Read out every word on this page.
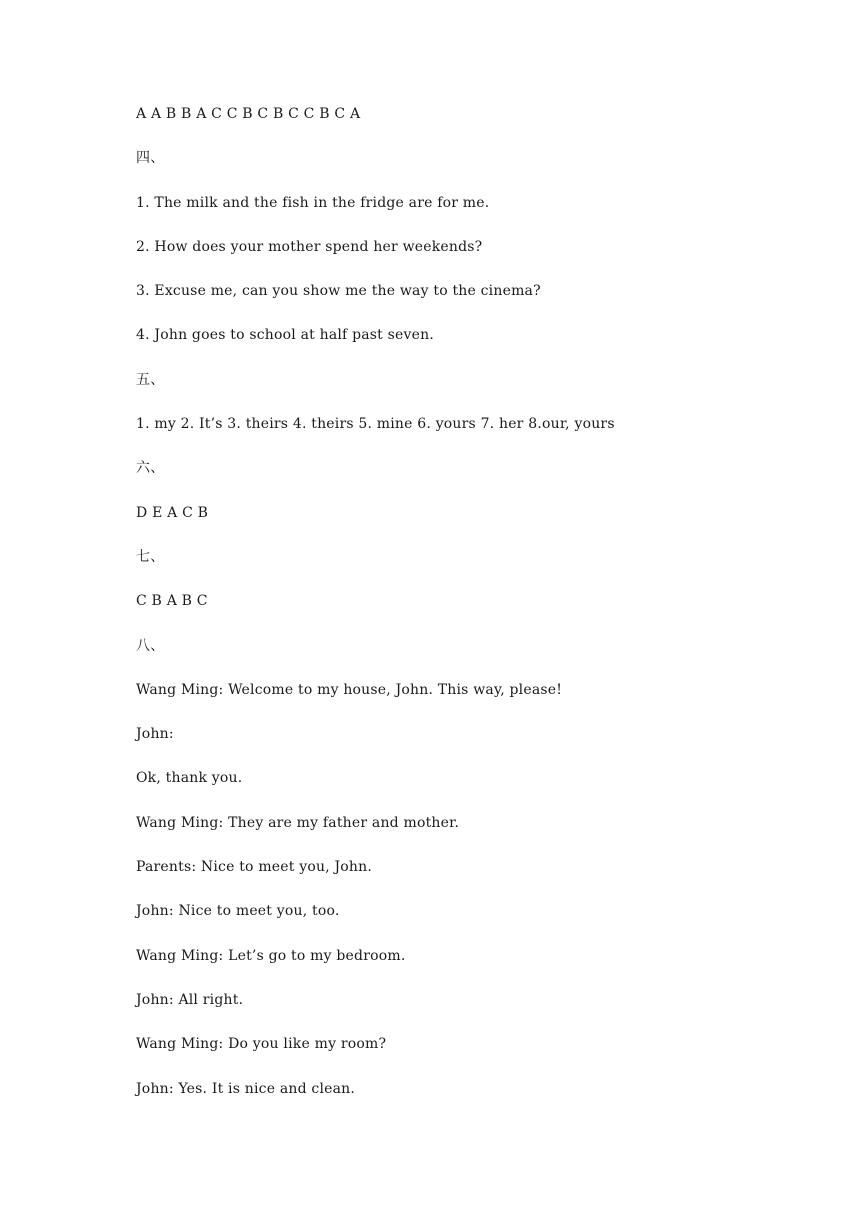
A A B B A C C B C B C C B C A
四、
1. The milk and the fish in the fridge are for me.
2. How does your mother spend her weekends?
3. Excuse me, can you show me the way to the cinema?
4. John goes to school at half past seven.
五、
1. my 2. It’s 3. theirs 4. theirs 5. mine 6. yours 7. her 8.our, yours
六、
D E A C B
七、
C B A B C
八、
Wang Ming: Welcome to my house, John. This way, please!
John:
Ok, thank you.
Wang Ming: They are my father and mother.
Parents: Nice to meet you, John.
John: Nice to meet you, too.
Wang Ming: Let’s go to my bedroom.
John: All right.
Wang Ming: Do you like my room?
John: Yes. It is nice and clean.
